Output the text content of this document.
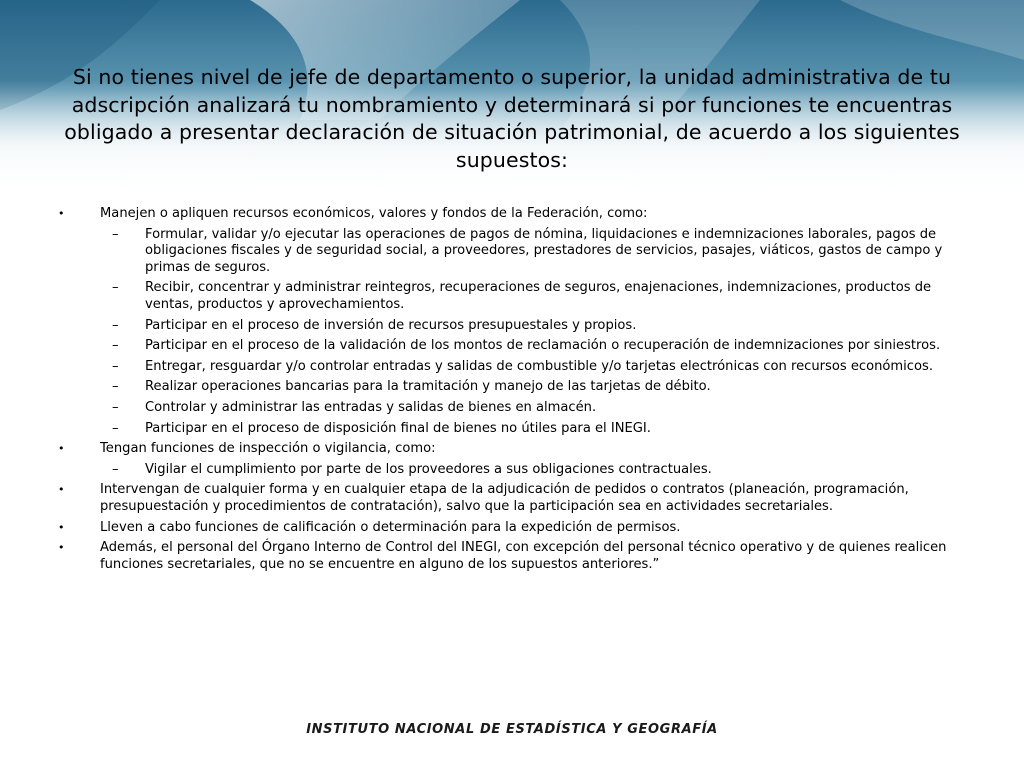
Si no tienes nivel de jefe de departamento o superior, la unidad administrativa de tu adscripción analizará tu nombramiento y determinará si por funciones te encuentras obligado a presentar declaración de situación patrimonial, de acuerdo a los siguientes supuestos:
•	Manejen o apliquen recursos económicos, valores y fondos de la Federación, como:
–	Formular, validar y/o ejecutar las operaciones de pagos de nómina, liquidaciones e indemnizaciones laborales, pagos de obligaciones fiscales y de seguridad social, a proveedores, prestadores de servicios, pasajes, viáticos, gastos de campo y primas de seguros.
–	Recibir, concentrar y administrar reintegros, recuperaciones de seguros, enajenaciones, indemnizaciones, productos de ventas, productos y aprovechamientos.
–	Participar en el proceso de inversión de recursos presupuestales y propios.
–	Participar en el proceso de la validación de los montos de reclamación o recuperación de indemnizaciones por siniestros.
–	Entregar, resguardar y/o controlar entradas y salidas de combustible y/o tarjetas electrónicas con recursos económicos.
–	Realizar operaciones bancarias para la tramitación y manejo de las tarjetas de débito.
–	Controlar y administrar las entradas y salidas de bienes en almacén.
–	Participar en el proceso de disposición final de bienes no útiles para el INEGI.
•	Tengan funciones de inspección o vigilancia, como:
–	Vigilar el cumplimiento por parte de los proveedores a sus obligaciones contractuales.
•	Intervengan de cualquier forma y en cualquier etapa de la adjudicación de pedidos o contratos (planeación, programación, presupuestación y procedimientos de contratación), salvo que la participación sea en actividades secretariales.
•	Lleven a cabo funciones de calificación o determinación para la expedición de permisos.
•	Además, el personal del Órgano Interno de Control del INEGI, con excepción del personal técnico operativo y de quienes realicen funciones secretariales, que no se encuentre en alguno de los supuestos anteriores.”
INSTITUTO NACIONAL DE ESTADÍSTICA Y GEOGRAFÍA
